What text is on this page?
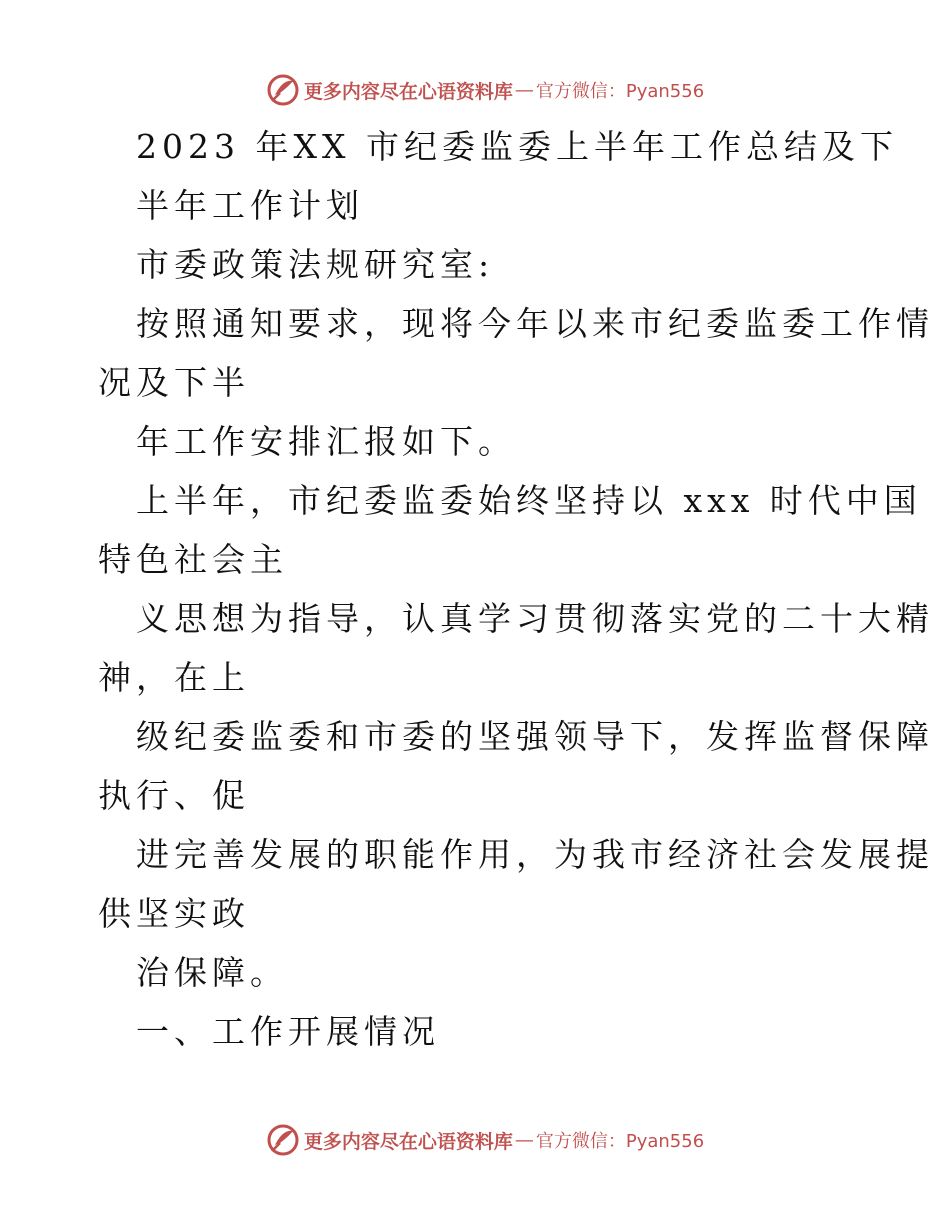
更多内容尽在心语资料库 — 官方微信：Pyan556
2023 年XX 市纪委监委上半年工作总结及下
半年工作计划
市委政策法规研究室:
按照通知要求，现将今年以来市纪委监委工作情
况及下半
年工作安排汇报如下。
上半年，市纪委监委始终坚持以 xxx 时代中国
特色社会主
义思想为指导，认真学习贯彻落实党的二十大精
神，在上
级纪委监委和市委的坚强领导下，发挥监督保障
执行、促
进完善发展的职能作用，为我市经济社会发展提
供坚实政
治保障。
一、工作开展情况
更多内容尽在心语资料库 — 官方微信：Pyan556
